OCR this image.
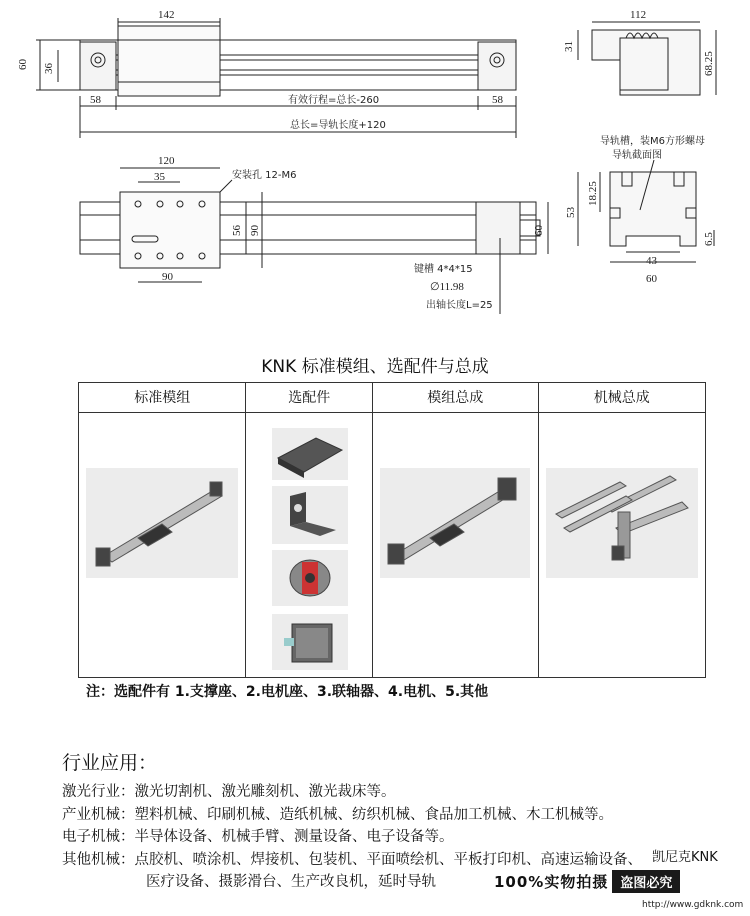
142
60 36
58	58
有效行程=总长-260
总长=导轨长度+120
112
31
68.25
120
35	安装孔 12-M6
56 90
90
60
键槽 4*4*15
∅11.98
出轴长度L=25
导轨槽，装M6方形螺母
导轨截面图
18.25
53
6.5
43
60
KNK 标准模组、选配件与总成
标准模组	选配件	模组总成	机械总成
注：选配件有 1.支撑座、2.电机座、3.联轴器、4.电机、5.其他
行业应用：
激光行业：激光切割机、激光雕刻机、激光裁床等。
产业机械：塑料机械、印刷机械、造纸机械、纺织机械、食品加工机械、木工机械等。
电子机械：半导体设备、机械手臂、测量设备、电子设备等。
其他机械：点胶机、喷涂机、焊接机、包装机、平面喷绘机、平板打印机、高速运输设备、
医疗设备、摄影滑台、生产改良机，延时导轨
凯尼克KNK
100%实物拍摄 盗图必究
http://www.gdknk.com
